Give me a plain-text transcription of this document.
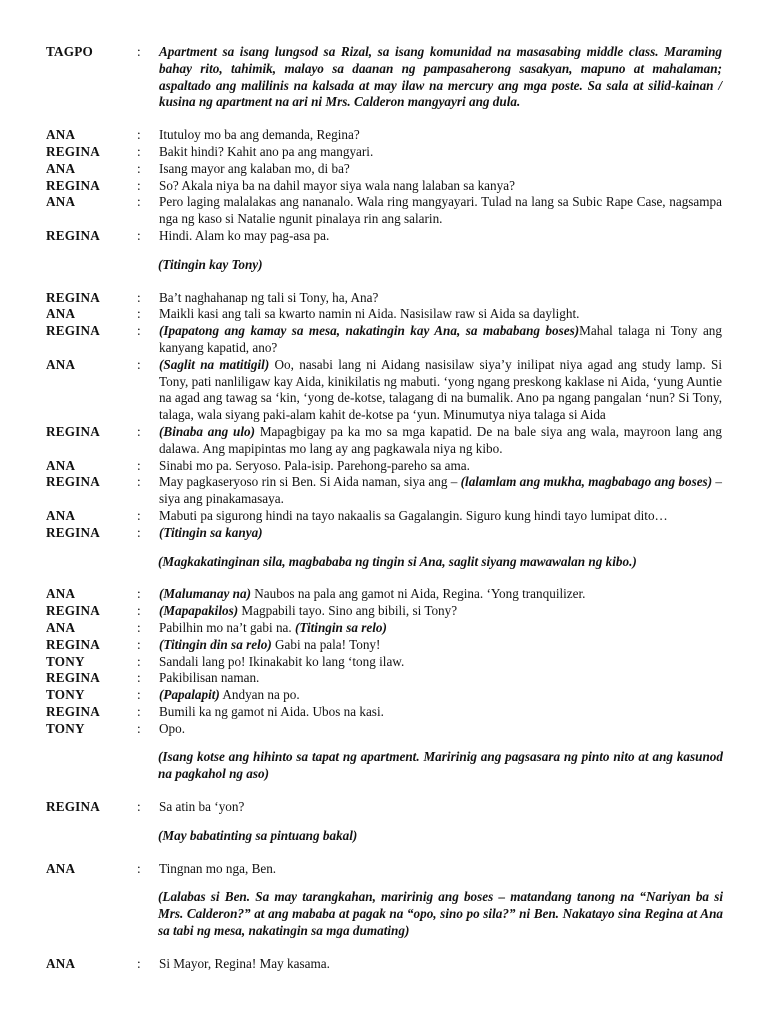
TAGPO	:	Apartment sa isang lungsod sa Rizal, sa isang komunidad na masasabing middle class. Maraming bahay rito, tahimik, malayo sa daanan ng pampasaherong sasakyan, mapuno at mahalaman; aspaltado ang malilinis na kalsada at may ilaw na mercury ang mga poste. Sa sala at silid-kainan / kusina ng apartment na ari ni Mrs. Calderon mangyayri ang dula.
ANA	:	Itutuloy mo ba ang demanda, Regina?
REGINA	:	Bakit hindi? Kahit ano pa ang mangyari.
ANA	:	Isang mayor ang kalaban mo, di ba?
REGINA	:	So? Akala niya ba na dahil mayor siya wala nang lalaban sa kanya?
ANA	:	Pero laging malalakas ang nananalo. Wala ring mangyayari. Tulad na lang sa Subic Rape Case, nagsampa nga ng kaso si Natalie ngunit pinalaya rin ang salarin.
REGINA	:	Hindi. Alam ko may pag-asa pa.
(Titingin kay Tony)
REGINA	:	Ba’t naghahanap ng tali si Tony, ha, Ana?
ANA	:	Maikli kasi ang tali sa kwarto namin ni Aida. Nasisilaw raw si Aida sa daylight.
REGINA	:	(Ipapatong ang kamay sa mesa, nakatingin kay Ana, sa mababang boses)Mahal talaga ni Tony ang kanyang kapatid, ano?
ANA	:	(Saglit na matitigil) Oo, nasabi lang ni Aidang nasisilaw siya’y inilipat niya agad ang study lamp. Si Tony, pati nanliligaw kay Aida, kinikilatis ng mabuti. ‘yong ngang preskong kaklase ni Aida, ‘yung Auntie na agad ang tawag sa ‘kin, ‘yong de-kotse, talagang di na bumalik. Ano pa ngang pangalan ‘nun? Si Tony, talaga, wala siyang paki-alam kahit de-kotse pa ‘yun. Minumutya niya talaga si Aida
REGINA	:	(Binaba ang ulo) Mapagbigay pa ka mo sa mga kapatid. De na bale siya ang wala, mayroon lang ang dalawa. Ang mapipintas mo lang ay ang pagkawala niya ng kibo.
ANA	:	Sinabi mo pa. Seryoso. Pala-isip. Parehong-pareho sa ama.
REGINA	:	May pagkaseryoso rin si Ben. Si Aida naman, siya ang – (lalamlam ang mukha, magbabago ang boses) –siya ang pinakamasaya.
ANA	:	Mabuti pa sigurong hindi na tayo nakaalis sa Gagalangin. Siguro kung hindi tayo lumipat dito…
REGINA	:	(Titingin sa kanya)
(Magkakatinginan sila, magbababa ng tingin si Ana, saglit siyang mawawalan ng kibo.)
ANA	:	(Malumanay na) Naubos na pala ang gamot ni Aida, Regina. ‘Yong tranquilizer.
REGINA	:	(Mapapakilos) Magpabili tayo. Sino ang bibili, si Tony?
ANA	:	Pabilhin mo na’t gabi na. (Titingin sa relo)
REGINA	:	(Titingin din sa relo) Gabi na pala! Tony!
TONY	:	Sandali lang po! Ikinakabit ko lang ‘tong ilaw.
REGINA	:	Pakibilisan naman.
TONY	:	(Papalapit) Andyan na po.
REGINA	:	Bumili ka ng gamot ni Aida. Ubos na kasi.
TONY	:	Opo.
(Isang kotse ang hihinto sa tapat ng apartment. Maririnig ang pagsasara ng pinto nito at ang kasunod na pagkahol ng aso)
REGINA	:	Sa atin ba ‘yon?
(May babatinting sa pintuang bakal)
ANA	:	Tingnan mo nga, Ben.
(Lalabas si Ben. Sa may tarangkahan, maririnig ang boses – matandang tanong na “Nariyan ba si Mrs. Calderon?” at ang mababa at pagak na “opo, sino po sila?” ni Ben. Nakatayo sina Regina at Ana sa tabi ng mesa, nakatingin sa mga dumating)
ANA	:	Si Mayor, Regina! May kasama.
